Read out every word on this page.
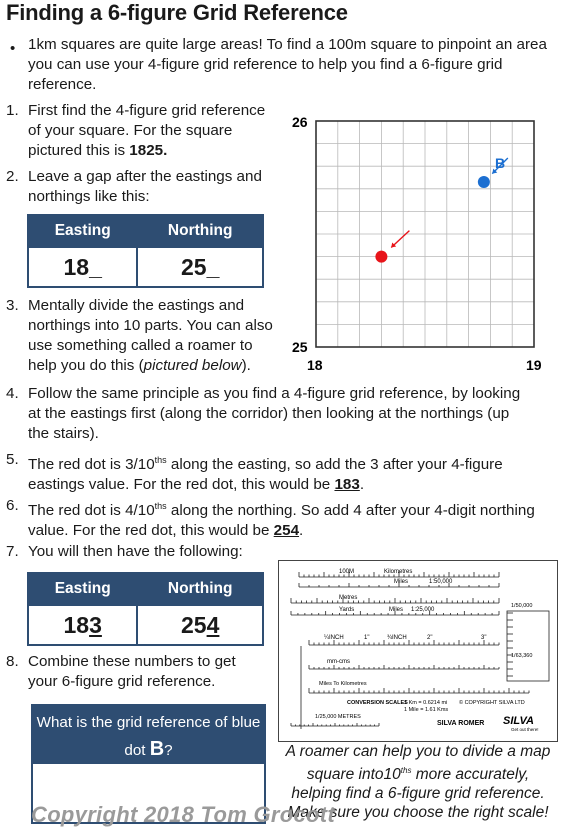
Finding a 6-figure Grid Reference
• 1km squares are quite large areas! To find a 100m square to pinpoint an area you can use your 4-figure grid reference to help you find a 6-figure grid reference.
1. First find the 4-figure grid reference of your square. For the square pictured this is 1825.
2. Leave a gap after the eastings and northings like this:
Easting	Northing
18_	25_
3. Mentally divide the eastings and northings into 10 parts. You can also use something called a roamer to help you do this (pictured below).
4. Follow the same principle as you find a 4-figure grid reference, by looking at the eastings first (along the corridor) then looking at the northings (up the stairs).
5. The red dot is $3/10^{ths}$ along the easting, so add the 3 after your 4-figure eastings value. For the red dot, this would be 183.
6. The red dot is $4/10^{ths}$ along the northing. So add 4 after your 4-digit northing value. For the red dot, this would be 254.
7. You will then have the following:
Easting	Northing
183	254
8. Combine these numbers to get your 6-figure grid reference.
What is the grid reference of blue dot B?
26
25
18	19
B
100M	Kilometres
Miles	1:50,000
Metres
Yards	Miles 1:25,000
¼INCH	1"	¾INCH	2"	3"
mm-cms
Miles To Kilometres
CONVERSION SCALES
1 Km = 0.6214 mi
1 Mile = 1.61 Kms
© COPYRIGHT SILVA LTD
1/25,000 METRES
1/50,000
1/63,360
SILVA ROMER SILVA
Get out there!
A roamer can help you to divide a map square $into10^{ths}$ more accurately, helping find a 6-figure grid reference. Make sure you choose the right scale!
Copyright 2018 Tom Grocott
